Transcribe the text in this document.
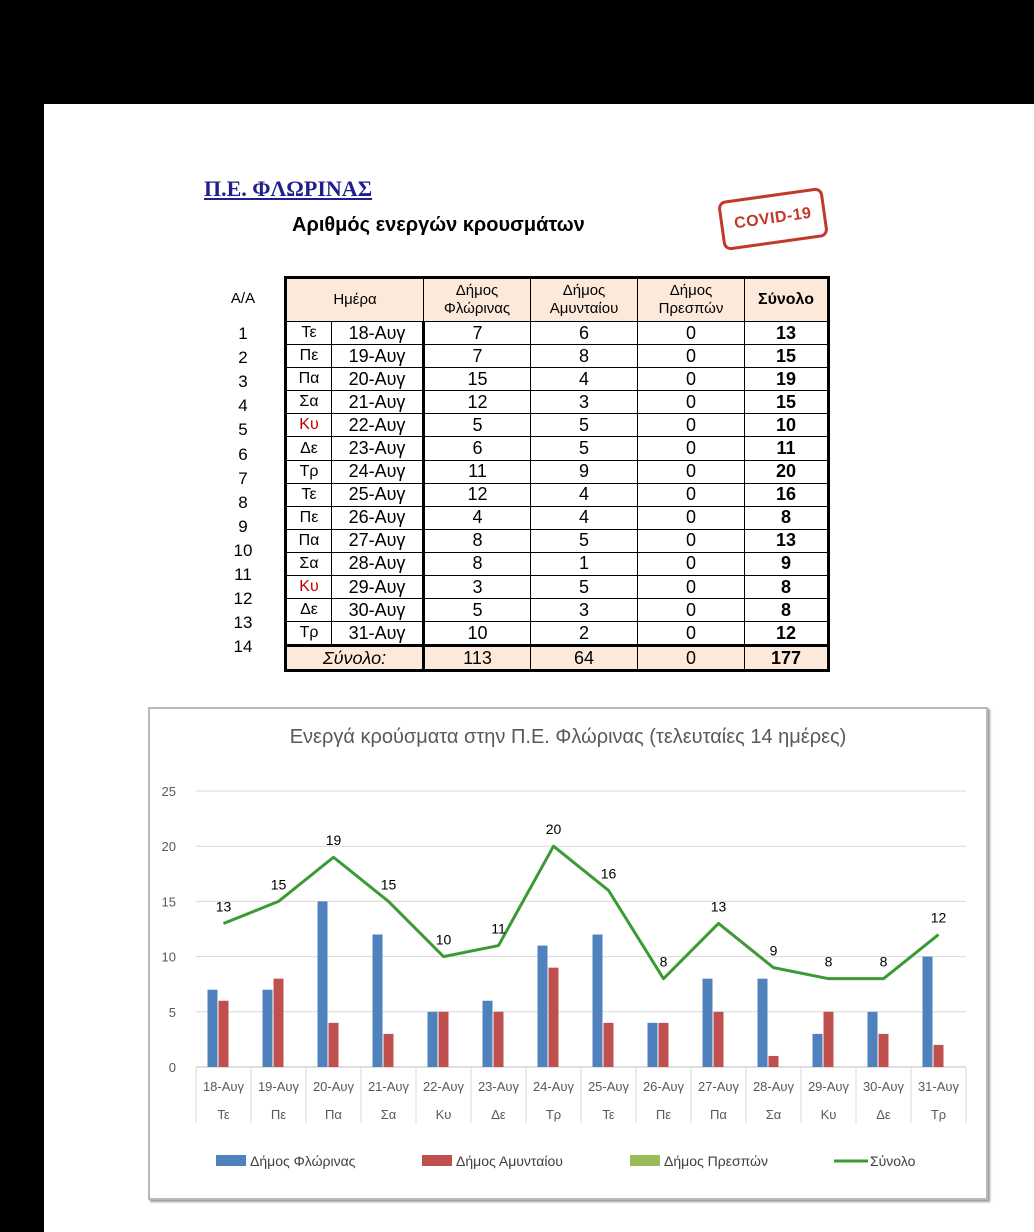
Π.Ε. ΦΛΩΡΙΝΑΣ
Αριθμός ενεργών κρουσμάτων	COVID-19
Α/Α
1
2
3
4
5
6
7
8
9
10
11
12
13
14
Ημέρα		Δήμος Φλώρινας	Δήμος Αμυνταίου	Δήμος Πρεσπών	Σύνολο
Τε	18-Αυγ	7	6	0	13
Πε	19-Αυγ	7	8	0	15
Πα	20-Αυγ	15	4	0	19
Σα	21-Αυγ	12	3	0	15
Κυ	22-Αυγ	5	5	0	10
Δε	23-Αυγ	6	5	0	11
Τρ	24-Αυγ	11	9	0	20
Τε	25-Αυγ	12	4	0	16
Πε	26-Αυγ	4	4	0	8
Πα	27-Αυγ	8	5	0	13
Σα	28-Αυγ	8	1	0	9
Κυ	29-Αυγ	3	5	0	8
Δε	30-Αυγ	5	3	0	8
Τρ	31-Αυγ	10	2	0	12
Σύνολο:		113	64	0	177
Ενεργά κρούσματα στην Π.Ε. Φλώρινας (τελευταίες 14 ημέρες)
0
5
10
15
20
25
18-Αυγ
Τε
19-Αυγ
Πε
20-Αυγ
Πα
21-Αυγ
Σα
22-Αυγ
Κυ
23-Αυγ
Δε
24-Αυγ
Τρ
25-Αυγ
Τε
26-Αυγ
Πε
27-Αυγ
Πα
28-Αυγ
Σα
29-Αυγ
Κυ
30-Αυγ
Δε
31-Αυγ
Τρ
13
15
19
15
10
11
20
16
8
13
9
8	8
12
Δήμος Φλώρινας	Δήμος Αμυνταίου	Δήμος Πρεσπών	Σύνολο
